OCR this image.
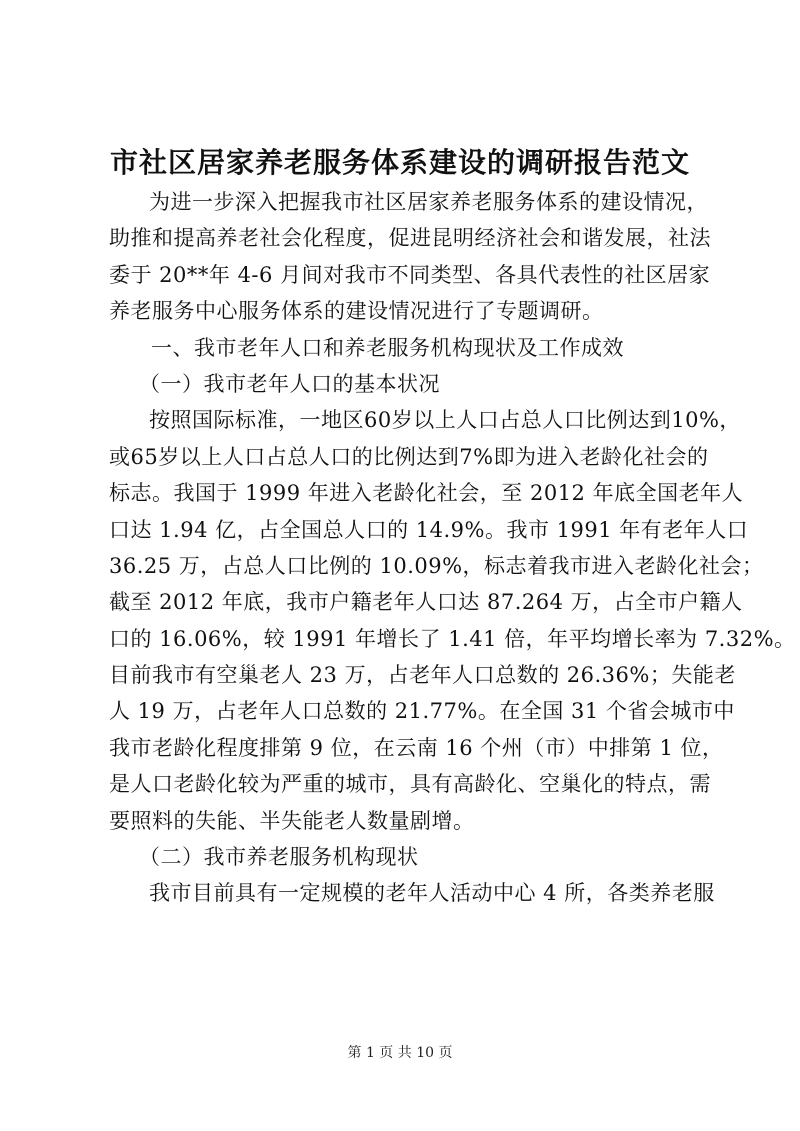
市社区居家养老服务体系建设的调研报告范文
为进一步深入把握我市社区居家养老服务体系的建设情况，
助推和提高养老社会化程度，促进昆明经济社会和谐发展，社法
委于 20**年 4-6 月间对我市不同类型、各具代表性的社区居家
养老服务中心服务体系的建设情况进行了专题调研。
一、我市老年人口和养老服务机构现状及工作成效
（一）我市老年人口的基本状况
按照国际标准，一地区60岁以上人口占总人口比例达到10%，
或65岁以上人口占总人口的比例达到7%即为进入老龄化社会的
标志。我国于 1999 年进入老龄化社会，至 2012 年底全国老年人
口达 1.94 亿，占全国总人口的 14.9%。我市 1991 年有老年人口
36.25 万，占总人口比例的 10.09%，标志着我市进入老龄化社会；
截至 2012 年底，我市户籍老年人口达 87.264 万，占全市户籍人
口的 16.06%，较 1991 年增长了 1.41 倍，年平均增长率为 7.32%。
目前我市有空巢老人 23 万，占老年人口总数的 26.36%；失能老
人 19 万，占老年人口总数的 21.77%。在全国 31 个省会城市中
我市老龄化程度排第 9 位，在云南 16 个州（市）中排第 1 位，
是人口老龄化较为严重的城市，具有高龄化、空巢化的特点，需
要照料的失能、半失能老人数量剧增。
（二）我市养老服务机构现状
我市目前具有一定规模的老年人活动中心 4 所，各类养老服
第 1 页 共 10 页
